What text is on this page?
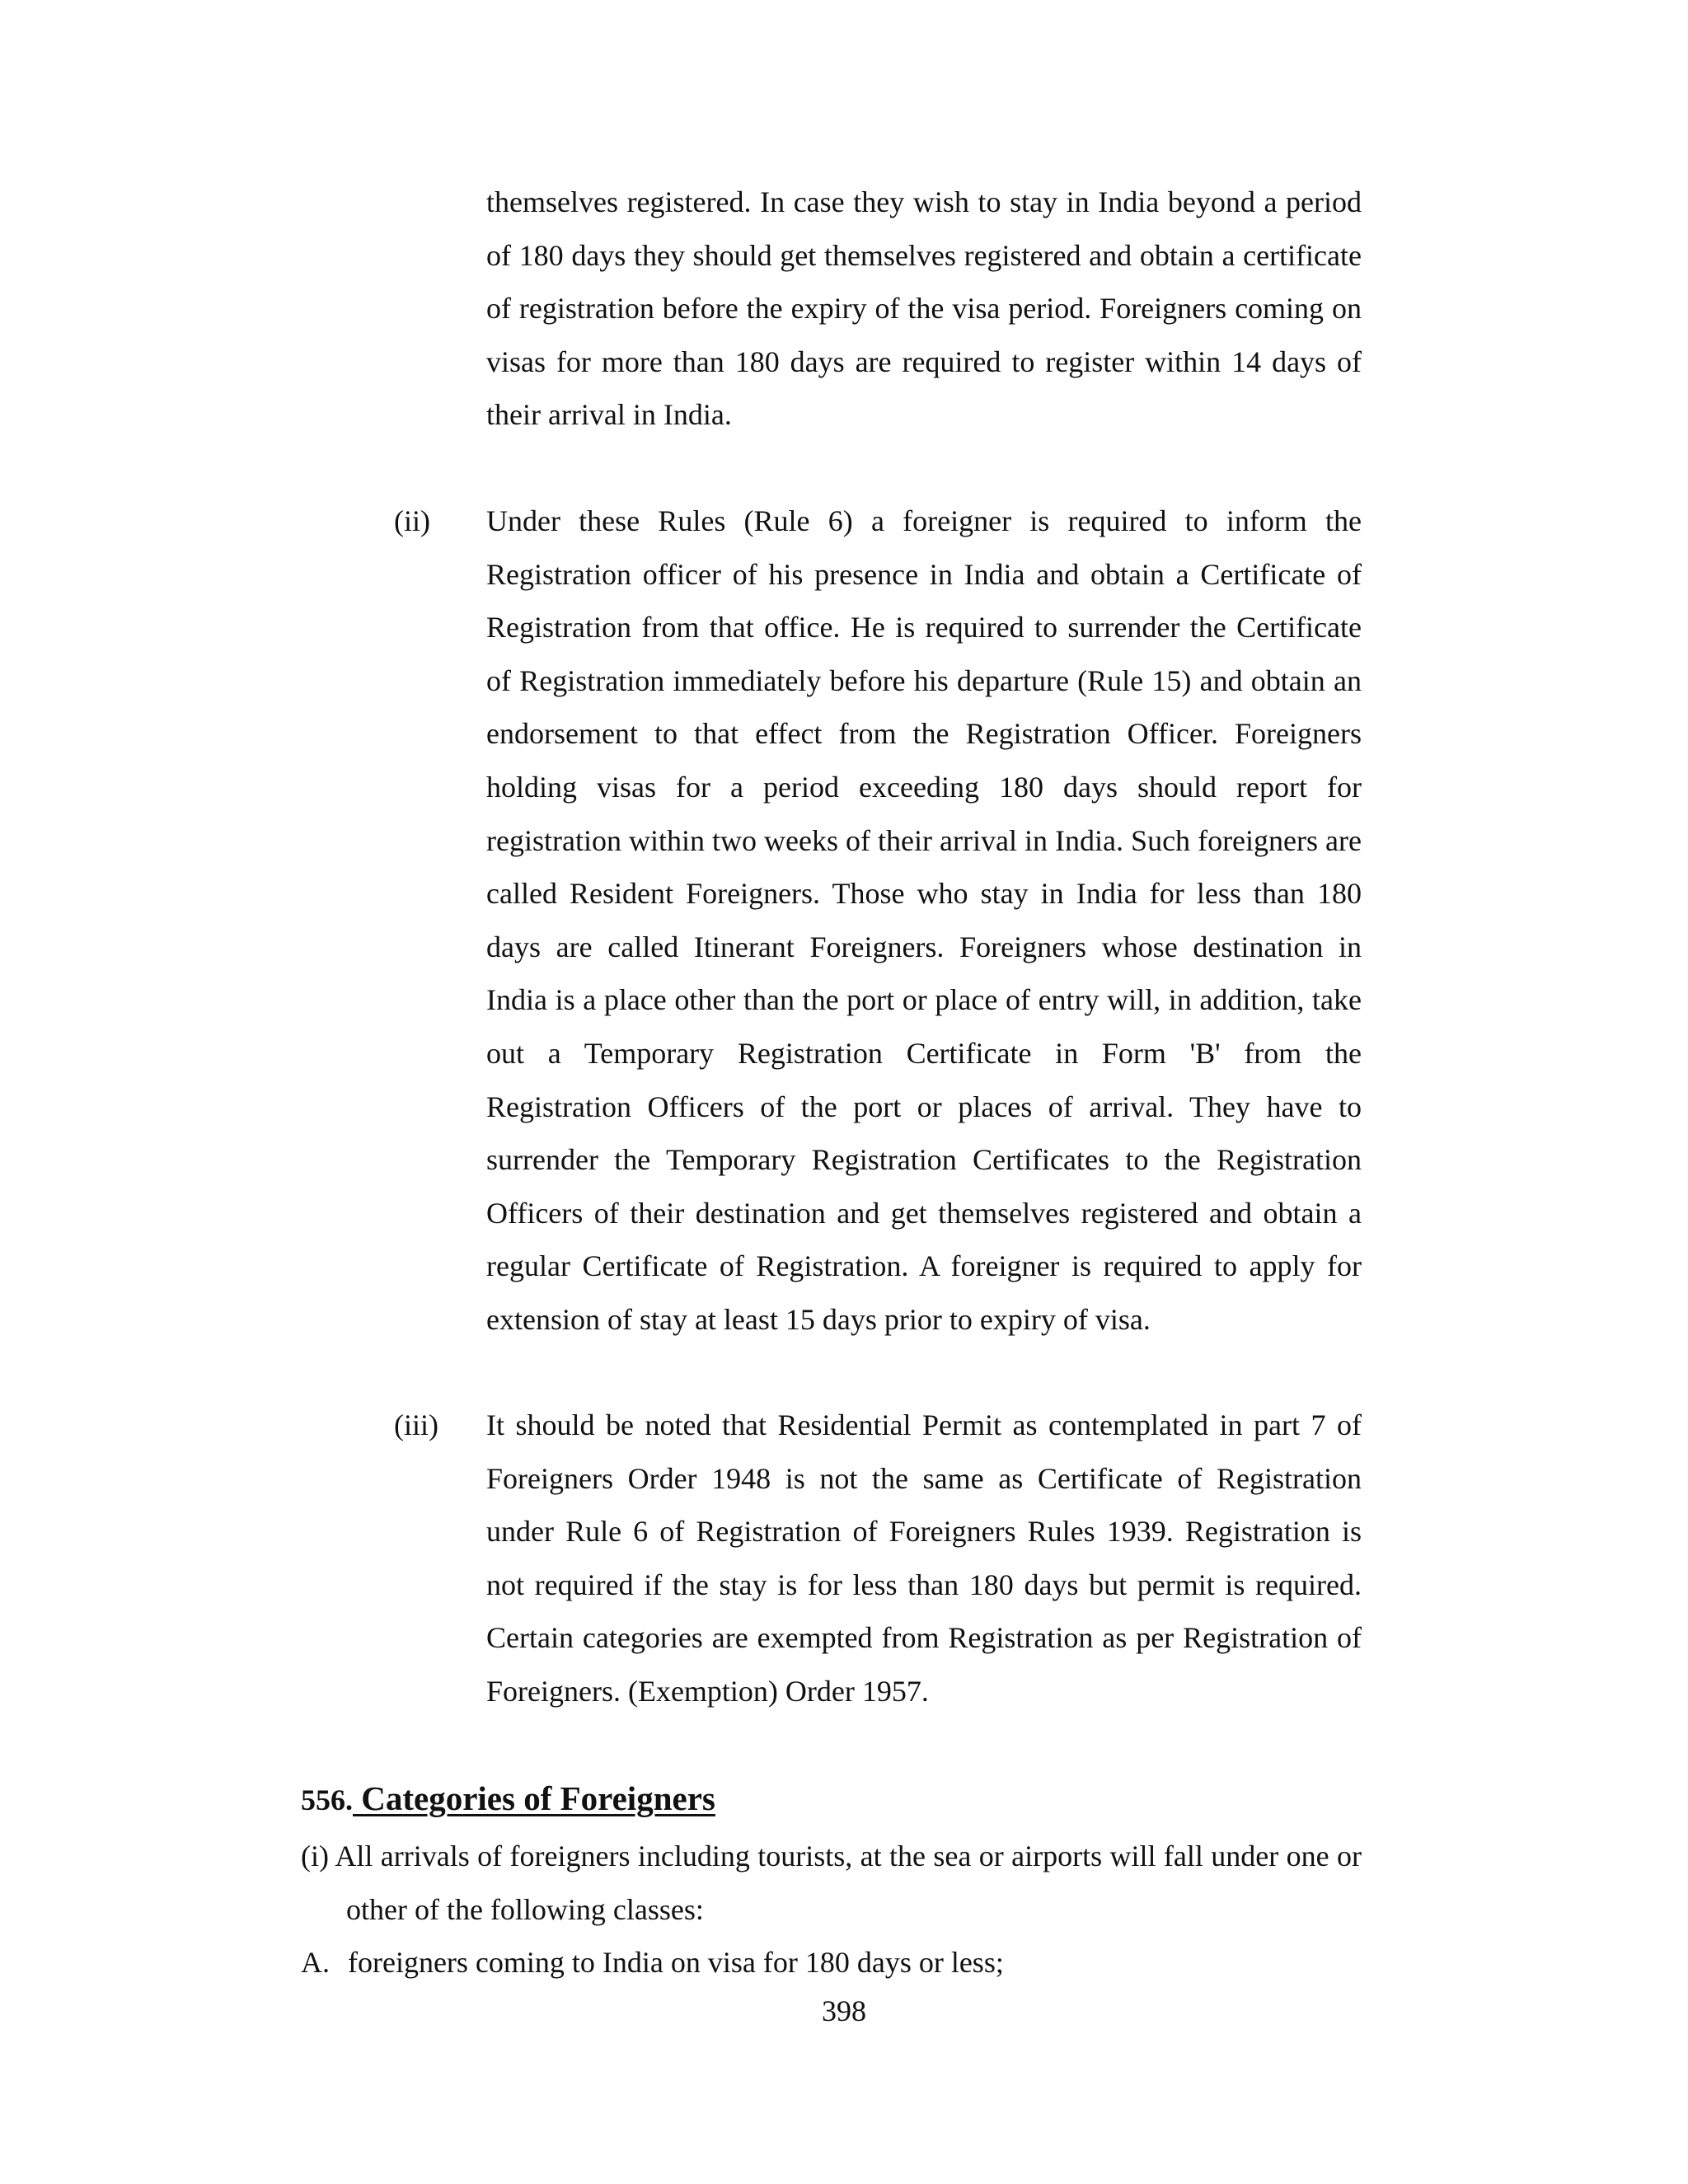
themselves registered. In case they wish to stay in India beyond a period of 180 days they should get themselves registered and obtain a certificate of registration before the expiry of the visa period. Foreigners coming on visas for more than 180 days are required to register within 14 days of their arrival in India.

(ii) Under these Rules (Rule 6) a foreigner is required to inform the Registration officer of his presence in India and obtain a Certificate of Registration from that office. He is required to surrender the Certificate of Registration immediately before his departure (Rule 15) and obtain an endorsement to that effect from the Registration Officer. Foreigners holding visas for a period exceeding 180 days should report for registration within two weeks of their arrival in India. Such foreigners are called Resident Foreigners. Those who stay in India for less than 180 days are called Itinerant Foreigners. Foreigners whose destination in India is a place other than the port or place of entry will, in addition, take out a Temporary Registration Certificate in Form 'B' from the Registration Officers of the port or places of arrival. They have to surrender the Temporary Registration Certificates to the Registration Officers of their destination and get themselves registered and obtain a regular Certificate of Registration. A foreigner is required to apply for extension of stay at least 15 days prior to expiry of visa.

(iii) It should be noted that Residential Permit as contemplated in part 7 of Foreigners Order 1948 is not the same as Certificate of Registration under Rule 6 of Registration of Foreigners Rules 1939. Registration is not required if the stay is for less than 180 days but permit is required. Certain categories are exempted from Registration as per Registration of Foreigners. (Exemption) Order 1957.

556. Categories of Foreigners

(i) All arrivals of foreigners including tourists, at the sea or airports will fall under one or other of the following classes:

A. foreigners coming to India on visa for 180 days or less;

398
